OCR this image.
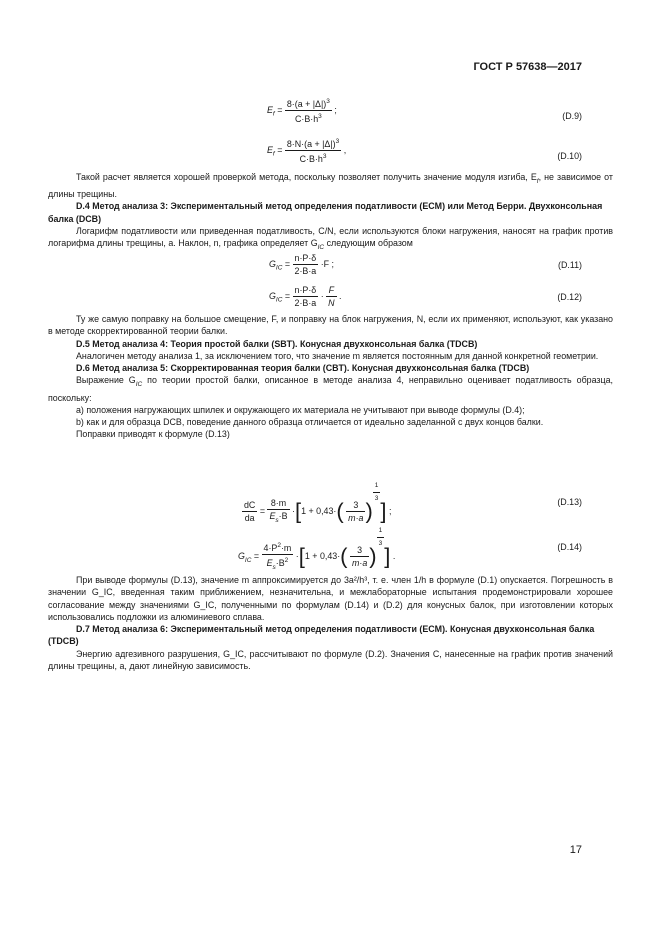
ГОСТ Р 57638—2017
$E_f = \frac{8\cdot(a + |\Delta|)^3}{C\cdot B\cdot h^3}$ ;
(D.9)
$E_f = \frac{8\cdot N\cdot(a + |\Delta|)^3}{C\cdot B\cdot h^3}$ ,
(D.10)

Такой расчет является хорошей проверкой метода, поскольку позволяет получить значение модуля изгиба, $E_f$, не зависимое от длины трещины.

D.4 Метод анализа 3: Экспериментальный метод определения податливости (ECM) или Метод Берри. Двухконсольная балка (DCB)

Логарифм податливости или приведенная податливость, C/N, если используются блоки нагружения, наносят на график против логарифма длины трещины, a. Наклон, n, графика определяет $G_{IC}$ следующим образом

$G_{IC} = \frac{n\cdot P\cdot\delta}{2\cdot B\cdot a} \cdot F$ ;	(D.11)
$G_{IC} = \frac{n\cdot P\cdot\delta}{2\cdot B\cdot a} \cdot \frac{F}{N}$ .	(D.12)

Ту же самую поправку на большое смещение, F, и поправку на блок нагружения, N, если их применяют, используют, как указано в методе скорректированной теории балки.

D.5 Метод анализа 4: Теория простой балки (SBT). Конусная двухконсольная балка (TDCB)

Аналогичен методу анализа 1, за исключением того, что значение m является постоянным для данной конкретной геометрии.

D.6 Метод анализа 5: Скорректированная теория балки (CBT). Конусная двухконсольная балка (TDCB)

Выражение $G_{IC}$ по теории простой балки, описанное в методе анализа 4, неправильно оценивает податливость образца, поскольку:

a) положения нагружающих шпилек и окружающего их материала не учитывают при выводе формулы (D.4);

b) как и для образца DCB, поведение данного образца отличается от идеально заделанной с двух концов балки.

Поправки приводят к формуле (D.13)

$\frac{dC}{da} = \frac{8\cdot m}{E_s\cdot B} \cdot[1 + 0,43\cdot( \frac{3}{m\cdot a}$ )
$^{\frac{1}{3}}$
] ;
(D.13)
$G_{IC} = \frac{4\cdot P^2\cdot m}{E_s\cdot B^2} \cdot[1 + 0,43\cdot( \frac{3}{m\cdot a}$ )
$^{\frac{1}{3}}$
] .
(D.14)

При выводе формулы (D.13), значение m аппроксимируется до 3a²/h³, т. е. член 1/h в формуле (D.1) опускается. Погрешность в значении G_IC, введенная таким приближением, незначительна, и межлабораторные испытания продемонстрировали хорошее согласование между значениями G_IC, полученными по формулам (D.14) и (D.2) для конусных балок, при изготовлении которых использовались подложки из алюминиевого сплава.

D.7 Метод анализа 6: Экспериментальный метод определения податливости (ECM). Конусная двухконсольная балка (TDCB)

Энергию адгезивного разрушения, G_IC, рассчитывают по формуле (D.2). Значения C, нанесенные на график против значений длины трещины, a, дают линейную зависимость.

17
